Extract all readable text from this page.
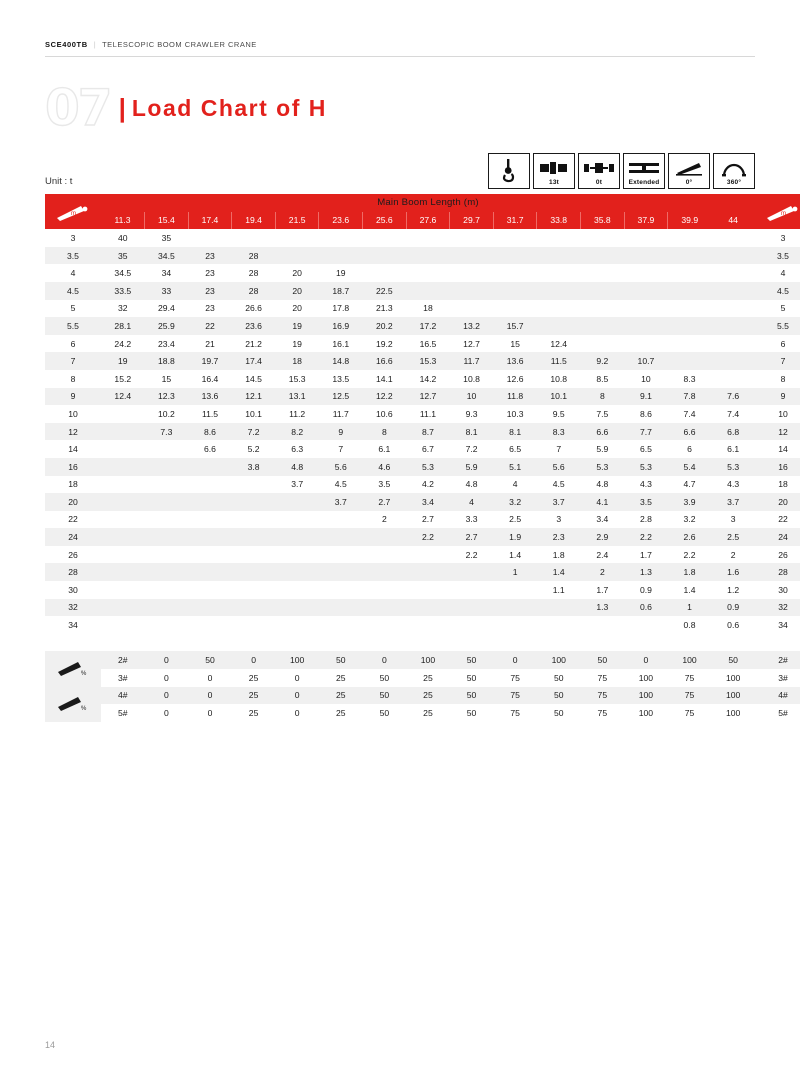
SCE400TB | TELESCOPIC BOOM CRAWLER CRANE
07 | Load Chart of H
Unit : t	13t	0t	Extended	0°	360°
m	Main Boom Length (m)															m

	11.3	15.4	17.4	19.4	21.5	23.6	25.6	27.6	29.7	31.7	33.8	35.8	37.9	39.9	44	
3	40	35														3
3.5	35	34.5	23	28												3.5
4	34.5	34	23	28	20	19										4
4.5	33.5	33	23	28	20	18.7	22.5									4.5
5	32	29.4	23	26.6	20	17.8	21.3	18								5
5.5	28.1	25.9	22	23.6	19	16.9	20.2	17.2	13.2	15.7						5.5
6	24.2	23.4	21	21.2	19	16.1	19.2	16.5	12.7	15	12.4					6
7	19	18.8	19.7	17.4	18	14.8	16.6	15.3	11.7	13.6	11.5	9.2	10.7			7
8	15.2	15	16.4	14.5	15.3	13.5	14.1	14.2	10.8	12.6	10.8	8.5	10	8.3		8
9	12.4	12.3	13.6	12.1	13.1	12.5	12.2	12.7	10	11.8	10.1	8	9.1	7.8	7.6	9
10		10.2	11.5	10.1	11.2	11.7	10.6	11.1	9.3	10.3	9.5	7.5	8.6	7.4	7.4	10
12		7.3	8.6	7.2	8.2	9	8	8.7	8.1	8.1	8.3	6.6	7.7	6.6	6.8	12
14			6.6	5.2	6.3	7	6.1	6.7	7.2	6.5	7	5.9	6.5	6	6.1	14
16				3.8	4.8	5.6	4.6	5.3	5.9	5.1	5.6	5.3	5.3	5.4	5.3	16
18					3.7	4.5	3.5	4.2	4.8	4	4.5	4.8	4.3	4.7	4.3	18
20						3.7	2.7	3.4	4	3.2	3.7	4.1	3.5	3.9	3.7	20
22							2	2.7	3.3	2.5	3	3.4	2.8	3.2	3	22
24								2.2	2.7	1.9	2.3	2.9	2.2	2.6	2.5	24
26									2.2	1.4	1.8	2.4	1.7	2.2	2	26
28										1	1.4	2	1.3	1.8	1.6	28
30											1.1	1.7	0.9	1.4	1.2	30
32												1.3	0.6	1	0.9	32
34														0.8	0.6	34

%	2#	0	50	0	100	50	0	100	50	0	100	50	0	100	50	2#
	3#	0	0	25	0	25	50	25	50	75	50	75	100	75	100	3#

%	4#	0	0	25	0	25	50	25	50	75	50	75	100	75	100	4#
	5#	0	0	25	0	25	50	25	50	75	50	75	100	75	100	5#
14
